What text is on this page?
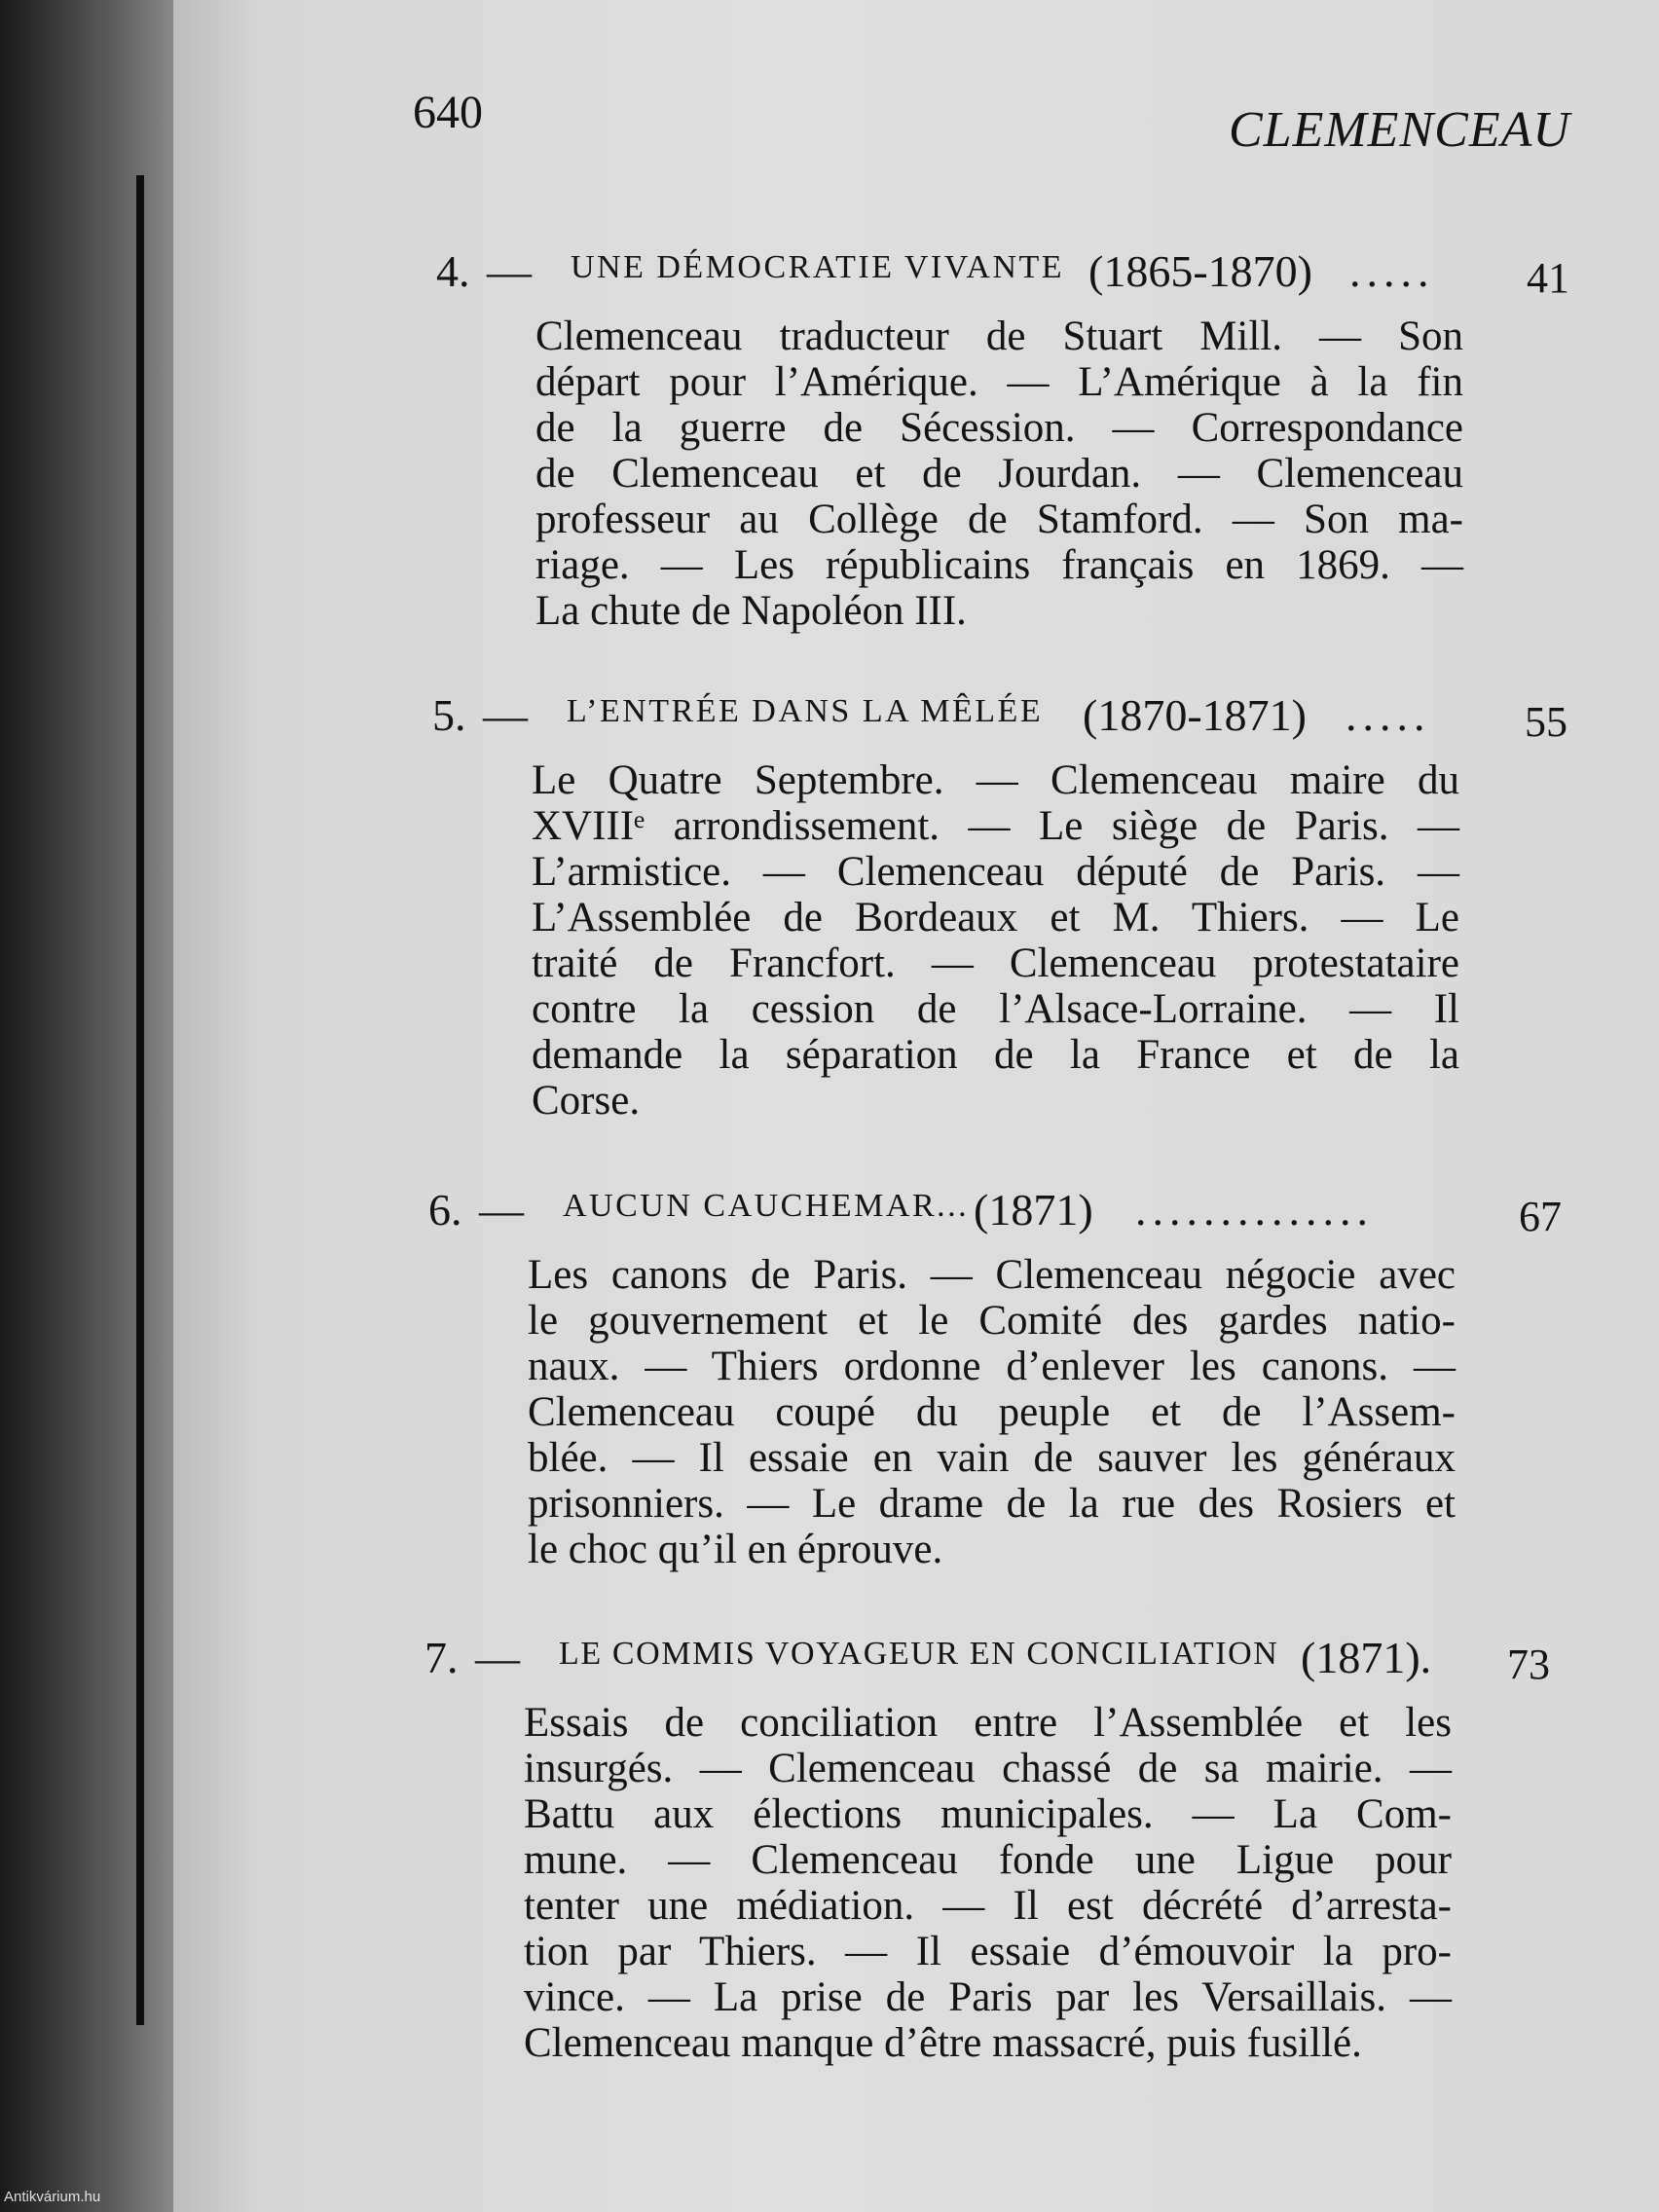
640	CLEMENCEAU
4. — UNE DÉMOCRATIE VIVANTE (1865-1870) ..... 41
Clemenceau traducteur de Stuart Mill. — Son
départ pour l’Amérique. — L’Amérique à la fin
de la guerre de Sécession. — Correspondance
de Clemenceau et de Jourdan. — Clemenceau
professeur au Collège de Stamford. — Son ma-
riage. — Les républicains français en 1869. —
La chute de Napoléon III.
5. — L’ENTRÉE DANS LA MÊLÉE (1870-1871) ..... 55
Le Quatre Septembre. — Clemenceau maire du
XVIIIᵉ arrondissement. — Le siège de Paris. —
L’armistice. — Clemenceau député de Paris. —
L’Assemblée de Bordeaux et M. Thiers. — Le
traité de Francfort. — Clemenceau protestataire
contre la cession de l’Alsace-Lorraine. — Il
demande la séparation de la France et de la
Corse.
6. — AUCUN CAUCHEMAR... (1871) ..............	67
Les canons de Paris. — Clemenceau négocie avec
le gouvernement et le Comité des gardes natio-
naux. — Thiers ordonne d’enlever les canons. —
Clemenceau coupé du peuple et de l’Assem-
blée. — Il essaie en vain de sauver les généraux
prisonniers. — Le drame de la rue des Rosiers et
le choc qu’il en éprouve.
7. — LE COMMIS VOYAGEUR EN CONCILIATION (1871). 73
Essais de conciliation entre l’Assemblée et les
insurgés. — Clemenceau chassé de sa mairie. —
Battu aux élections municipales. — La Com-
mune. — Clemenceau fonde une Ligue pour
tenter une médiation. — Il est décrété d’arresta-
tion par Thiers. — Il essaie d’émouvoir la pro-
vince. — La prise de Paris par les Versaillais. —
Clemenceau manque d’être massacré, puis fusillé.
Antikvárium.hu
